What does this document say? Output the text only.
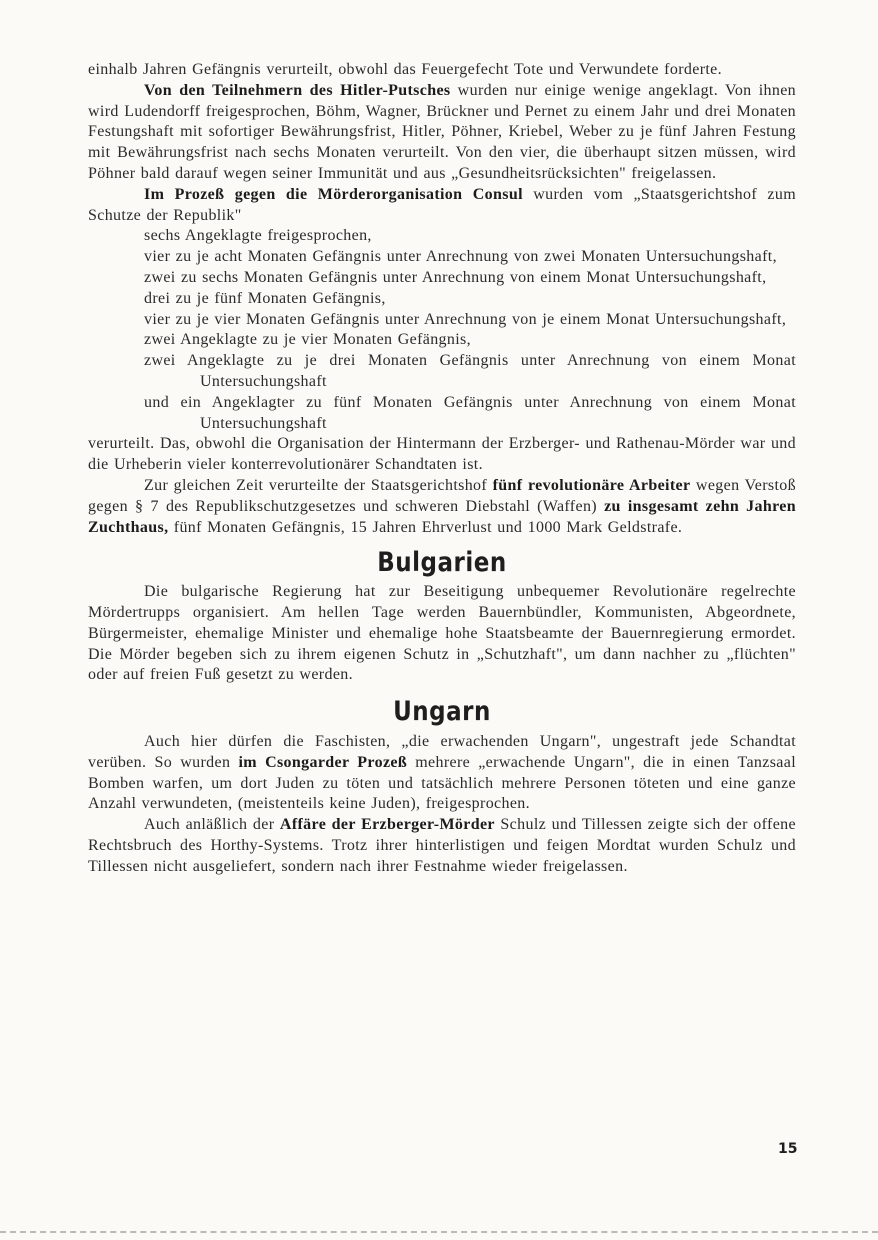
einhalb Jahren Gefängnis verurteilt, obwohl das Feuergefecht Tote und Verwundete forderte.

Von den Teilnehmern des Hitler-Putsches wurden nur einige wenige angeklagt. Von ihnen wird Ludendorff freigesprochen, Böhm, Wagner, Brückner und Pernet zu einem Jahr und drei Monaten Festungshaft mit sofortiger Bewährungsfrist, Hitler, Pöhner, Kriebel, Weber zu je fünf Jahren Festung mit Bewährungsfrist nach sechs Monaten verurteilt. Von den vier, die überhaupt sitzen müssen, wird Pöhner bald darauf wegen seiner Immunität und aus „Gesundheitsrücksichten" freigelassen.

Im Prozeß gegen die Mörderorganisation Consul wurden vom „Staatsgerichtshof zum Schutze der Republik"

sechs Angeklagte freigesprochen,
vier zu je acht Monaten Gefängnis unter Anrechnung von zwei Monaten Untersuchungshaft,
zwei zu sechs Monaten Gefängnis unter Anrechnung von einem Monat Untersuchungshaft,
drei zu je fünf Monaten Gefängnis,
vier zu je vier Monaten Gefängnis unter Anrechnung von je einem Monat Untersuchungshaft,
zwei Angeklagte zu je vier Monaten Gefängnis,
zwei Angeklagte zu je drei Monaten Gefängnis unter Anrechnung von einem Monat Untersuchungshaft
und ein Angeklagter zu fünf Monaten Gefängnis unter Anrechnung von einem Monat Untersuchungshaft

verurteilt. Das, obwohl die Organisation der Hintermann der Erzberger- und Rathenau-Mörder war und die Urheberin vieler konterrevolutionärer Schandtaten ist.

Zur gleichen Zeit verurteilte der Staatsgerichtshof fünf revolutionäre Arbeiter wegen Verstoß gegen § 7 des Republikschutzgesetzes und schweren Diebstahl (Waffen) zu insgesamt zehn Jahren Zuchthaus, fünf Monaten Gefängnis, 15 Jahren Ehrverlust und 1000 Mark Geldstrafe.

Bulgarien

Die bulgarische Regierung hat zur Beseitigung unbequemer Revolutionäre regelrechte Mördertrupps organisiert. Am hellen Tage werden Bauernbündler, Kommunisten, Abgeordnete, Bürgermeister, ehemalige Minister und ehemalige hohe Staatsbeamte der Bauernregierung ermordet. Die Mörder begeben sich zu ihrem eigenen Schutz in „Schutzhaft", um dann nachher zu „flüchten" oder auf freien Fuß gesetzt zu werden.

Ungarn

Auch hier dürfen die Faschisten, „die erwachenden Ungarn", ungestraft jede Schandtat verüben. So wurden im Csongarder Prozeß mehrere „erwachende Ungarn", die in einen Tanzsaal Bomben warfen, um dort Juden zu töten und tatsächlich mehrere Personen töteten und eine ganze Anzahl verwundeten, (meistenteils keine Juden), freigesprochen.

Auch anläßlich der Affäre der Erzberger-Mörder Schulz und Tillessen zeigte sich der offene Rechtsbruch des Horthy-Systems. Trotz ihrer hinterlistigen und feigen Mordtat wurden Schulz und Tillessen nicht ausgeliefert, sondern nach ihrer Festnahme wieder freigelassen.

15
